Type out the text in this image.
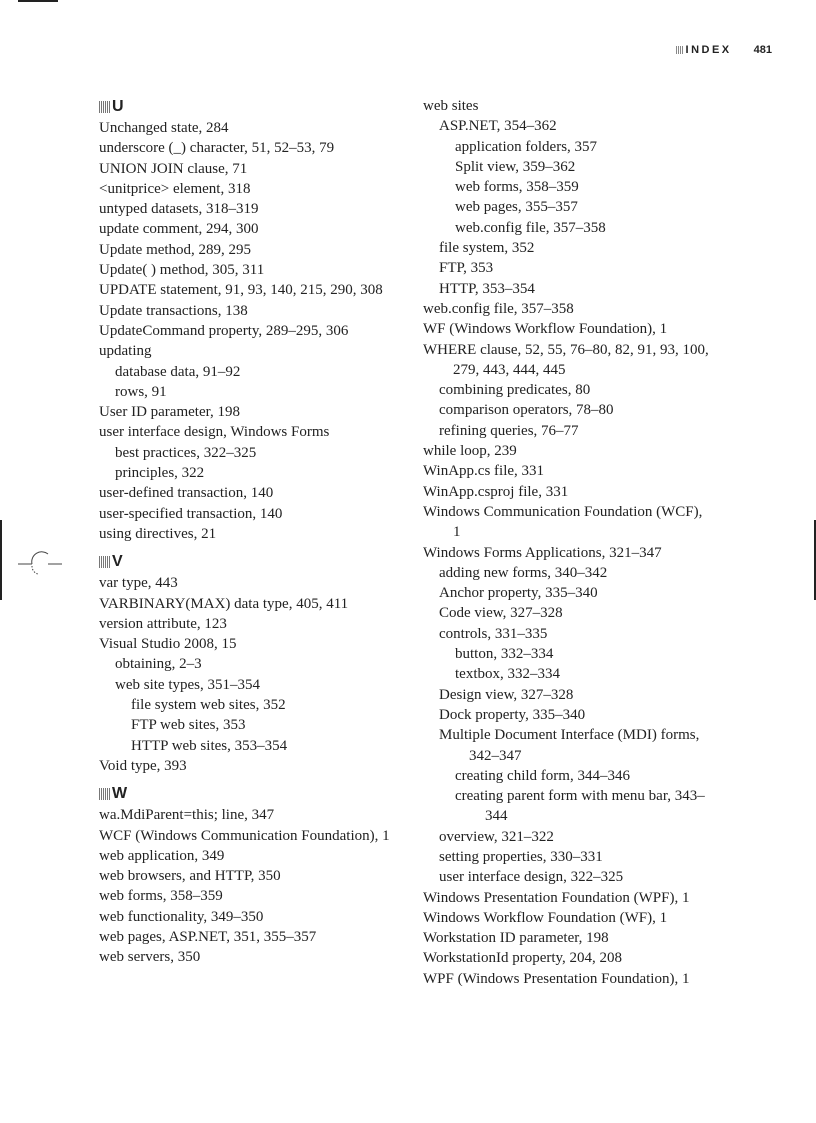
INDEX 481
U
Unchanged state, 284
underscore (_) character, 51, 52–53, 79
UNION JOIN clause, 71
<unitprice> element, 318
untyped datasets, 318–319
update comment, 294, 300
Update method, 289, 295
Update( ) method, 305, 311
UPDATE statement, 91, 93, 140, 215, 290, 308
Update transactions, 138
UpdateCommand property, 289–295, 306
updating
database data, 91–92
rows, 91
User ID parameter, 198
user interface design, Windows Forms
best practices, 322–325
principles, 322
user-defined transaction, 140
user-specified transaction, 140
using directives, 21
V
var type, 443
VARBINARY(MAX) data type, 405, 411
version attribute, 123
Visual Studio 2008, 15
obtaining, 2–3
web site types, 351–354
file system web sites, 352
FTP web sites, 353
HTTP web sites, 353–354
Void type, 393
W
wa.MdiParent=this; line, 347
WCF (Windows Communication Foundation), 1
web application, 349
web browsers, and HTTP, 350
web forms, 358–359
web functionality, 349–350
web pages, ASP.NET, 351, 355–357
web servers, 350
web sites
ASP.NET, 354–362
application folders, 357
Split view, 359–362
web forms, 358–359
web pages, 355–357
web.config file, 357–358
file system, 352
FTP, 353
HTTP, 353–354
web.config file, 357–358
WF (Windows Workflow Foundation), 1
WHERE clause, 52, 55, 76–80, 82, 91, 93, 100, 279, 443, 444, 445
combining predicates, 80
comparison operators, 78–80
refining queries, 76–77
while loop, 239
WinApp.cs file, 331
WinApp.csproj file, 331
Windows Communication Foundation (WCF), 1
Windows Forms Applications, 321–347
adding new forms, 340–342
Anchor property, 335–340
Code view, 327–328
controls, 331–335
button, 332–334
textbox, 332–334
Design view, 327–328
Dock property, 335–340
Multiple Document Interface (MDI) forms, 342–347
creating child form, 344–346
creating parent form with menu bar, 343–344
overview, 321–322
setting properties, 330–331
user interface design, 322–325
Windows Presentation Foundation (WPF), 1
Windows Workflow Foundation (WF), 1
Workstation ID parameter, 198
WorkstationId property, 204, 208
WPF (Windows Presentation Foundation), 1
